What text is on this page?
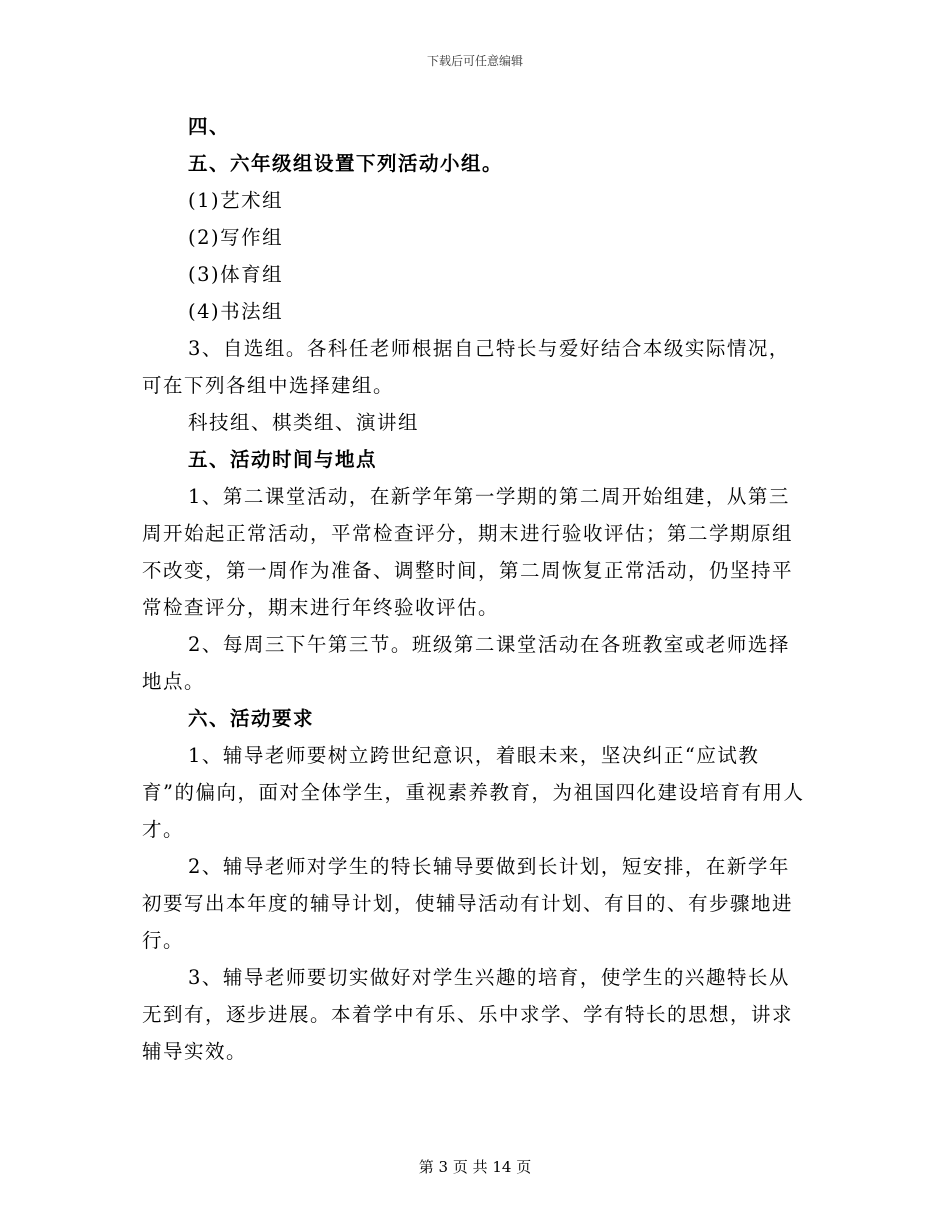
下载后可任意编辑

四、

五、六年级组设置下列活动小组。

(1)艺术组

(2)写作组

(3)体育组

(4)书法组

3、自选组。各科任老师根据自己特长与爱好结合本级实际情况，可在下列各组中选择建组。

科技组、棋类组、演讲组

五、活动时间与地点

1、第二课堂活动，在新学年第一学期的第二周开始组建，从第三周开始起正常活动，平常检查评分，期末进行验收评估；第二学期原组不改变，第一周作为准备、调整时间，第二周恢复正常活动，仍坚持平常检查评分，期末进行年终验收评估。

2、每周三下午第三节。班级第二课堂活动在各班教室或老师选择地点。

六、活动要求

1、辅导老师要树立跨世纪意识，着眼未来，坚决纠正“应试教育”的偏向，面对全体学生，重视素养教育，为祖国四化建设培育有用人才。

2、辅导老师对学生的特长辅导要做到长计划，短安排，在新学年初要写出本年度的辅导计划，使辅导活动有计划、有目的、有步骤地进行。

3、辅导老师要切实做好对学生兴趣的培育，使学生的兴趣特长从无到有，逐步进展。本着学中有乐、乐中求学、学有特长的思想，讲求辅导实效。

第 3 页 共 14 页
